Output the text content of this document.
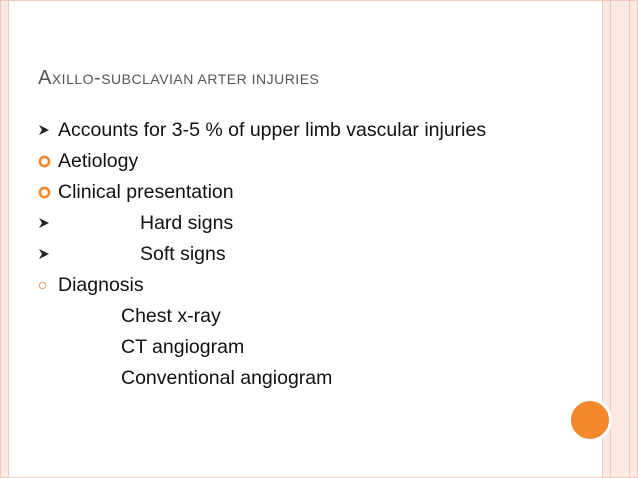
AXILLO-SUBCLAVIAN ARTER INJURIES
Accounts for 3-5 % of upper limb vascular injuries
Aetiology
Clinical presentation
Hard signs
Soft signs
Diagnosis
Chest x-ray
CT angiogram
Conventional angiogram
